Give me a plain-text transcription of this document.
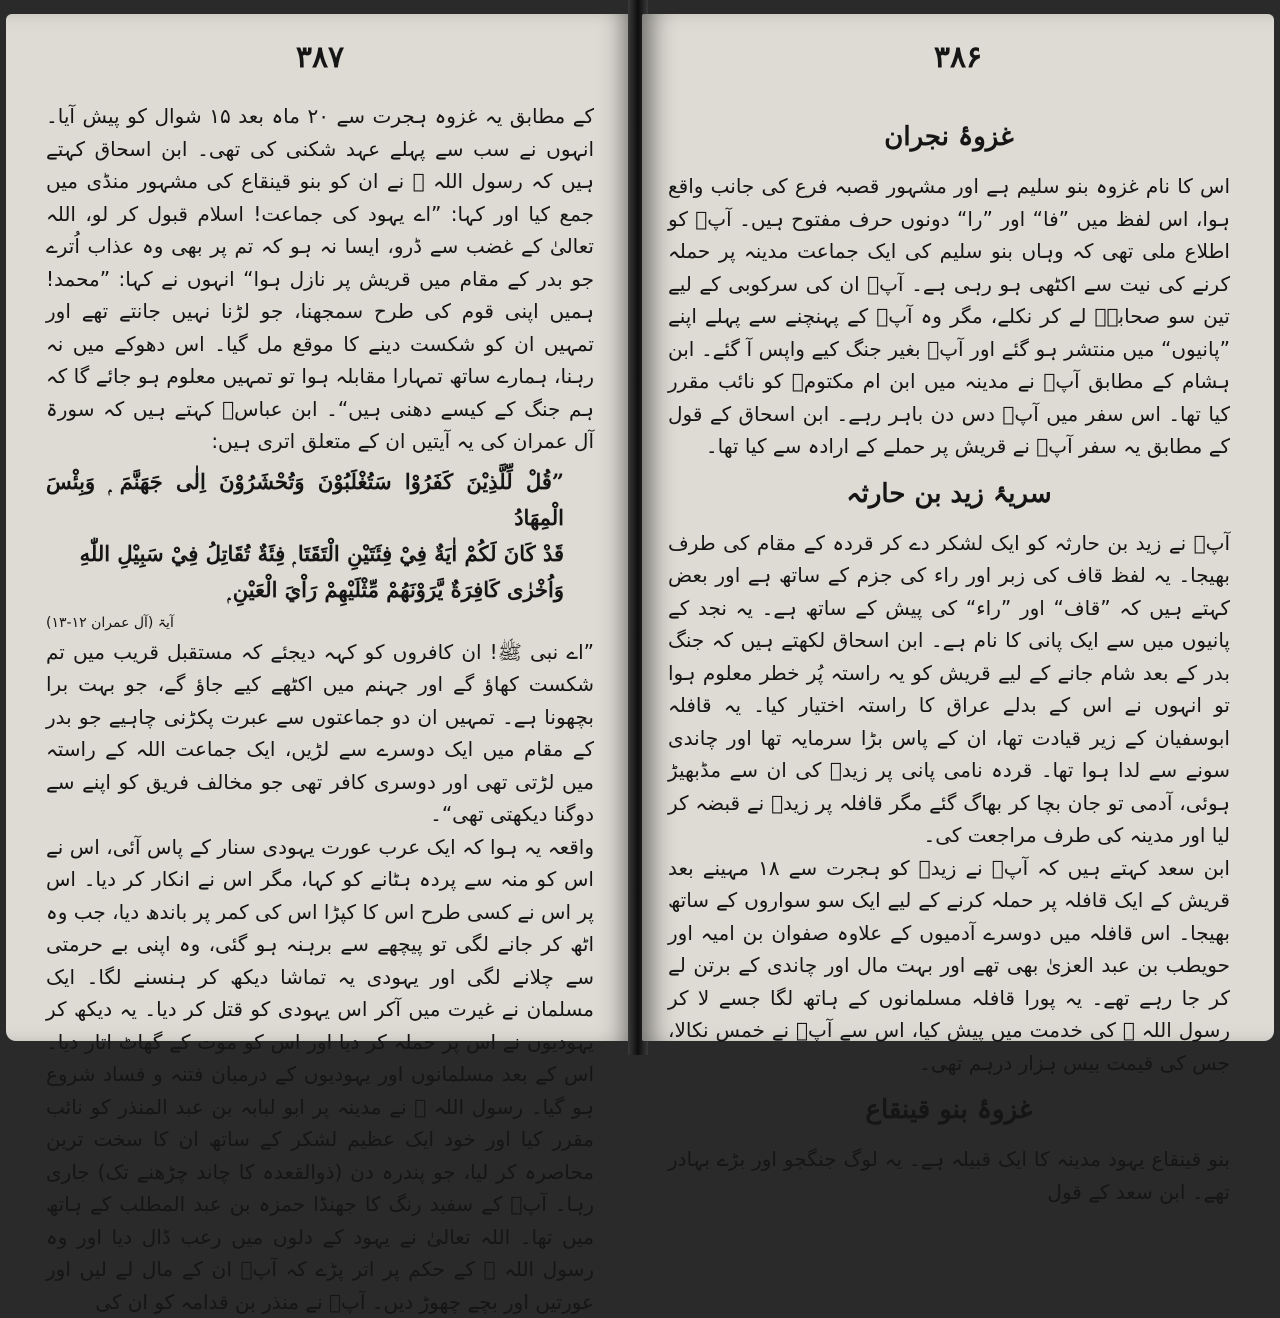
۳۸۷

کے مطابق یہ غزوہ ہجرت سے ۲۰ ماہ بعد ۱۵ شوال کو پیش آیا۔ انہوں نے سب سے پہلے عہد شکنی کی تھی۔ ابن اسحاق کہتے ہیں کہ رسول اللہ ﷺ نے ان کو بنو قینقاع کی مشہور منڈی میں جمع کیا اور کہا: ”اے یہود کی جماعت! اسلام قبول کر لو، اللہ تعالیٰ کے غضب سے ڈرو، ایسا نہ ہو کہ تم پر بھی وہ عذاب اُترے جو بدر کے مقام میں قریش پر نازل ہوا“ انہوں نے کہا: ”محمد! ہمیں اپنی قوم کی طرح سمجھنا، جو لڑنا نہیں جانتے تھے اور تمہیں ان کو شکست دینے کا موقع مل گیا۔ اس دھوکے میں نہ رہنا، ہمارے ساتھ تمہارا مقابلہ ہوا تو تمہیں معلوم ہو جائے گا کہ ہم جنگ کے کیسے دھنی ہیں“۔ ابن عباسؓ کہتے ہیں کہ سورۃ آل عمران کی یہ آیتیں ان کے متعلق اتری ہیں:

”قُلْ لِّلَّذِيْنَ كَفَرُوْا سَتُغْلَبُوْنَ وَتُحْشَرُوْنَ اِلٰى جَهَنَّمَ ۭ وَبِئْسَ الْمِهَادُ
قَدْ كَانَ لَكُمْ اٰيَةٌ فِيْ فِئَتَيْنِ الْتَقَتَا ۭ فِئَةٌ تُقَاتِلُ فِيْ سَبِيْلِ اللّٰهِ
وَاُخْرٰى كَافِرَةٌ يَّرَوْنَهُمْ مِّثْلَيْهِمْ رَاْيَ الْعَيْنِ ۭ
آیۃ (آل عمران ۱۲-۱۳)

”اے نبی ﷺ! ان کافروں کو کہہ دیجئے کہ مستقبل قریب میں تم شکست کھاؤ گے اور جہنم میں اکٹھے کیے جاؤ گے، جو بہت برا بچھونا ہے۔ تمہیں ان دو جماعتوں سے عبرت پکڑنی چاہیے جو بدر کے مقام میں ایک دوسرے سے لڑیں، ایک جماعت اللہ کے راستہ میں لڑتی تھی اور دوسری کافر تھی جو مخالف فریق کو اپنے سے دوگنا دیکھتی تھی“۔

واقعہ یہ ہوا کہ ایک عرب عورت یہودی سنار کے پاس آئی، اس نے اس کو منہ سے پردہ ہٹانے کو کہا، مگر اس نے انکار کر دیا۔ اس پر اس نے کسی طرح اس کا کپڑا اس کی کمر پر باندھ دیا، جب وہ اٹھ کر جانے لگی تو پیچھے سے برہنہ ہو گئی، وہ اپنی بے حرمتی سے چلانے لگی اور یہودی یہ تماشا دیکھ کر ہنسنے لگا۔ ایک مسلمان نے غیرت میں آکر اس یہودی کو قتل کر دیا۔ یہ دیکھ کر یہودیوں نے اس پر حملہ کر دیا اور اس کو موت کے گھاٹ اتار دیا۔ اس کے بعد مسلمانوں اور یہودیوں کے درمیان فتنہ و فساد شروع ہو گیا۔ رسول اللہ ﷺ نے مدینہ پر ابو لبابہ بن عبد المنذر کو نائب مقرر کیا اور خود ایک عظیم لشکر کے ساتھ ان کا سخت ترین محاصرہ کر لیا، جو پندرہ دن (ذوالقعدہ کا چاند چڑھنے تک) جاری رہا۔ آپؐ کے سفید رنگ کا جھنڈا حمزہ بن عبد المطلب کے ہاتھ میں تھا۔ اللہ تعالیٰ نے یہود کے دلوں میں رعب ڈال دیا اور وہ رسول اللہ ﷺ کے حکم پر اتر پڑے کہ آپؐ ان کے مال لے لیں اور عورتیں اور بچے چھوڑ دیں۔ آپؐ نے منذر بن قدامہ کو ان کی

۳۸۶
غزوۂ نجران

اس کا نام غزوہ بنو سلیم ہے اور مشہور قصبہ فرع کی جانب واقع ہوا، اس لفظ میں ”فا“ اور ”را“ دونوں حرف مفتوح ہیں۔ آپؐ کو اطلاع ملی تھی کہ وہاں بنو سلیم کی ایک جماعت مدینہ پر حملہ کرنے کی نیت سے اکٹھی ہو رہی ہے۔ آپؐ ان کی سرکوبی کے لیے تین سو صحابہؓ لے کر نکلے، مگر وہ آپؐ کے پہنچنے سے پہلے اپنے ”پانیوں“ میں منتشر ہو گئے اور آپؐ بغیر جنگ کیے واپس آ گئے۔ ابن ہشام کے مطابق آپؐ نے مدینہ میں ابن ام مکتومؓ کو نائب مقرر کیا تھا۔ اس سفر میں آپؐ دس دن باہر رہے۔ ابن اسحاق کے قول کے مطابق یہ سفر آپؐ نے قریش پر حملے کے ارادہ سے کیا تھا۔

سریۂ زید بن حارثہ

آپؐ نے زید بن حارثہ کو ایک لشکر دے کر قردہ کے مقام کی طرف بھیجا۔ یہ لفظ قاف کی زبر اور راء کی جزم کے ساتھ ہے اور بعض کہتے ہیں کہ ”قاف“ اور ”راء“ کی پیش کے ساتھ ہے۔ یہ نجد کے پانیوں میں سے ایک پانی کا نام ہے۔ ابن اسحاق لکھتے ہیں کہ جنگ بدر کے بعد شام جانے کے لیے قریش کو یہ راستہ پُر خطر معلوم ہوا تو انہوں نے اس کے بدلے عراق کا راستہ اختیار کیا۔ یہ قافلہ ابوسفیان کے زیر قیادت تھا، ان کے پاس بڑا سرمایہ تھا اور چاندی سونے سے لدا ہوا تھا۔ قردہ نامی پانی پر زیدؓ کی ان سے مڈبھیڑ ہوئی، آدمی تو جان بچا کر بھاگ گئے مگر قافلہ پر زیدؓ نے قبضہ کر لیا اور مدینہ کی طرف مراجعت کی۔

ابن سعد کہتے ہیں کہ آپؐ نے زیدؓ کو ہجرت سے ۱۸ مہینے بعد قریش کے ایک قافلہ پر حملہ کرنے کے لیے ایک سو سواروں کے ساتھ بھیجا۔ اس قافلہ میں دوسرے آدمیوں کے علاوہ صفوان بن امیہ اور حویطب بن عبد العزیٰ بھی تھے اور بہت مال اور چاندی کے برتن لے کر جا رہے تھے۔ یہ پورا قافلہ مسلمانوں کے ہاتھ لگا جسے لا کر رسول اللہ ﷺ کی خدمت میں پیش کیا، اس سے آپؐ نے خمس نکالا، جس کی قیمت بیس ہزار درہم تھی۔

غزوۂ بنو قینقاع

بنو قینقاع یہود مدینہ کا ایک قبیلہ ہے۔ یہ لوگ جنگجو اور بڑے بہادر تھے۔ ابن سعد کے قول
